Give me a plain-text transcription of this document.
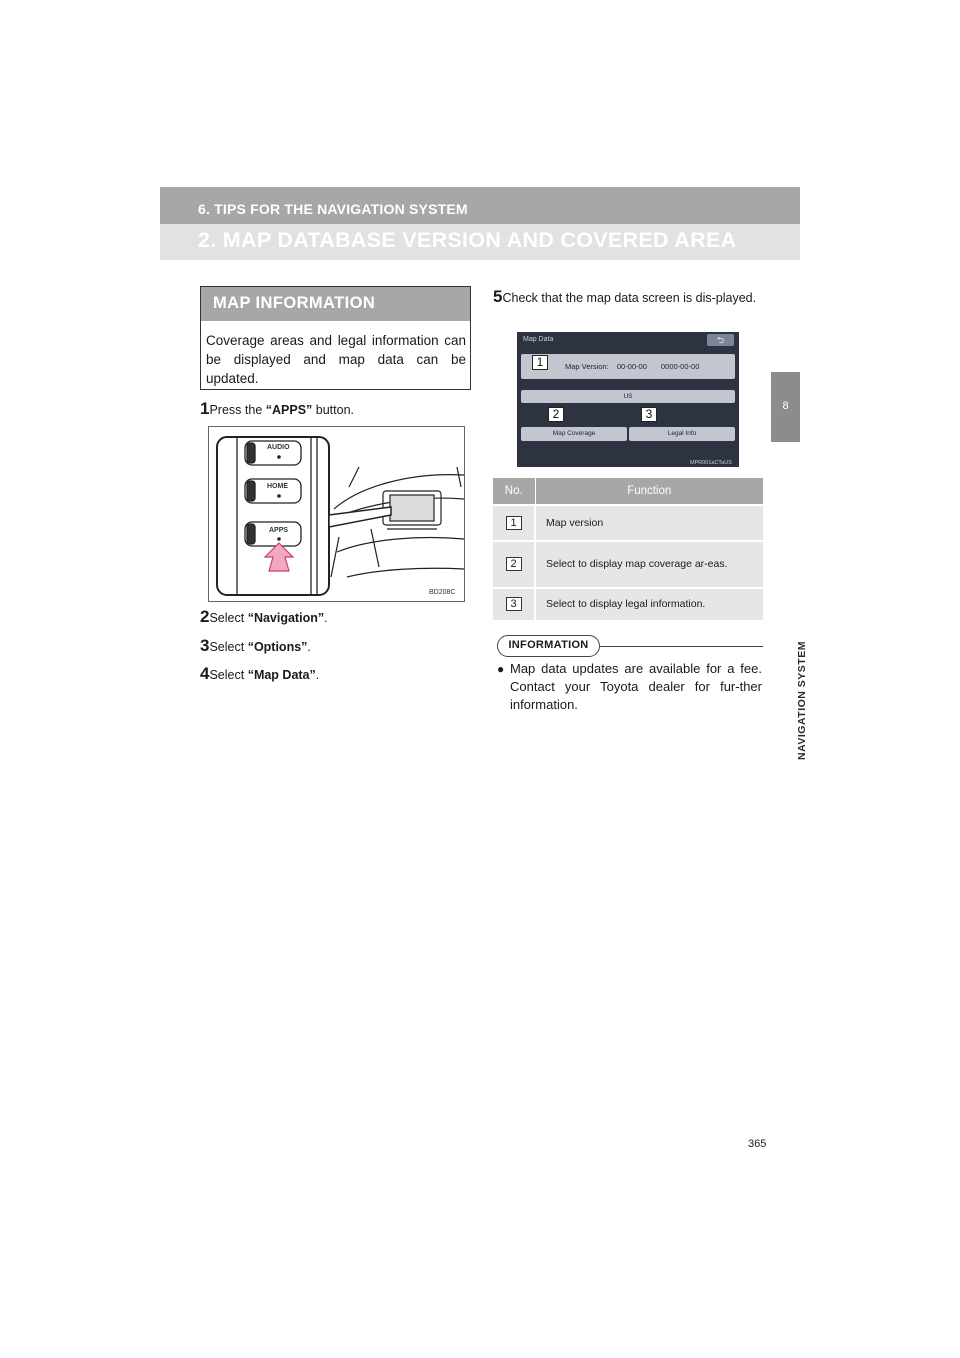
6. TIPS FOR THE NAVIGATION SYSTEM
2. MAP DATABASE VERSION AND COVERED AREA
8
NAVIGATION SYSTEM
MAP INFORMATION
Coverage areas and legal information can be displayed and map data can be updated.
1Press the “APPS” button.
AUDIO
HOME
APPS
BD208C
2Select “Navigation”.
3Select “Options”.
4Select “Map Data”.
5Check that the map data screen is dis-played.
Map Data	⮌
Map Version: 00-00-00 0000-00-00
US
Map Coverage	Legal Info
1
2	3
MPR001aCTaUS
No.	Function
1	Map version
2	Select to display map coverage ar-eas.
3	Select to display legal information.
INFORMATION
● Map data updates are available for a fee. Contact your Toyota dealer for fur-ther information.
365
